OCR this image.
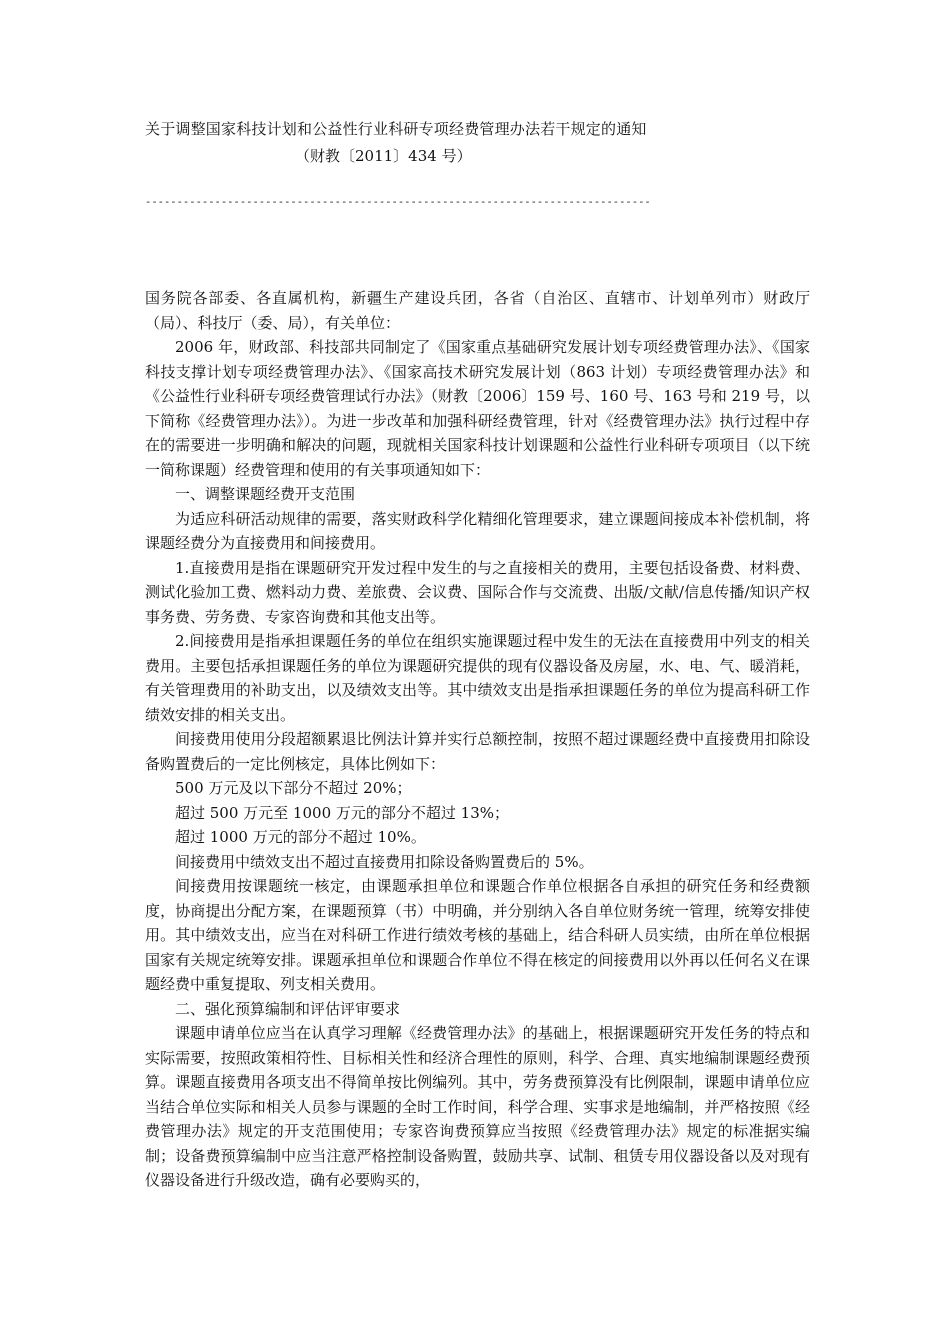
关于调整国家科技计划和公益性行业科研专项经费管理办法若干规定的通知
（财教〔2011〕434 号）
--------------------------------------------------------------------------------

国务院各部委、各直属机构，新疆生产建设兵团，各省（自治区、直辖市、计划单列市）财政厅（局）、科技厅（委、局），有关单位：

2006 年，财政部、科技部共同制定了《国家重点基础研究发展计划专项经费管理办法》、《国家科技支撑计划专项经费管理办法》、《国家高技术研究发展计划（863 计划）专项经费管理办法》和《公益性行业科研专项经费管理试行办法》（财教〔2006〕159 号、160 号、163 号和 219 号，以下简称《经费管理办法》）。为进一步改革和加强科研经费管理，针对《经费管理办法》执行过程中存在的需要进一步明确和解决的问题，现就相关国家科技计划课题和公益性行业科研专项项目（以下统一简称课题）经费管理和使用的有关事项通知如下：

一、调整课题经费开支范围

为适应科研活动规律的需要，落实财政科学化精细化管理要求，建立课题间接成本补偿机制，将课题经费分为直接费用和间接费用。

1.直接费用是指在课题研究开发过程中发生的与之直接相关的费用，主要包括设备费、材料费、测试化验加工费、燃料动力费、差旅费、会议费、国际合作与交流费、出版/文献/信息传播/知识产权事务费、劳务费、专家咨询费和其他支出等。

2.间接费用是指承担课题任务的单位在组织实施课题过程中发生的无法在直接费用中列支的相关费用。主要包括承担课题任务的单位为课题研究提供的现有仪器设备及房屋，水、电、气、暖消耗，有关管理费用的补助支出，以及绩效支出等。其中绩效支出是指承担课题任务的单位为提高科研工作绩效安排的相关支出。

间接费用使用分段超额累退比例法计算并实行总额控制，按照不超过课题经费中直接费用扣除设备购置费后的一定比例核定，具体比例如下：

500 万元及以下部分不超过 20%；

超过 500 万元至 1000 万元的部分不超过 13%；

超过 1000 万元的部分不超过 10%。

间接费用中绩效支出不超过直接费用扣除设备购置费后的 5%。

间接费用按课题统一核定，由课题承担单位和课题合作单位根据各自承担的研究任务和经费额度，协商提出分配方案，在课题预算（书）中明确，并分别纳入各自单位财务统一管理，统筹安排使用。其中绩效支出，应当在对科研工作进行绩效考核的基础上，结合科研人员实绩，由所在单位根据国家有关规定统筹安排。课题承担单位和课题合作单位不得在核定的间接费用以外再以任何名义在课题经费中重复提取、列支相关费用。

二、强化预算编制和评估评审要求

课题申请单位应当在认真学习理解《经费管理办法》的基础上，根据课题研究开发任务的特点和实际需要，按照政策相符性、目标相关性和经济合理性的原则，科学、合理、真实地编制课题经费预算。课题直接费用各项支出不得简单按比例编列。其中，劳务费预算没有比例限制，课题申请单位应当结合单位实际和相关人员参与课题的全时工作时间，科学合理、实事求是地编制，并严格按照《经费管理办法》规定的开支范围使用；专家咨询费预算应当按照《经费管理办法》规定的标准据实编制；设备费预算编制中应当注意严格控制设备购置，鼓励共享、试制、租赁专用仪器设备以及对现有仪器设备进行升级改造，确有必要购买的，
